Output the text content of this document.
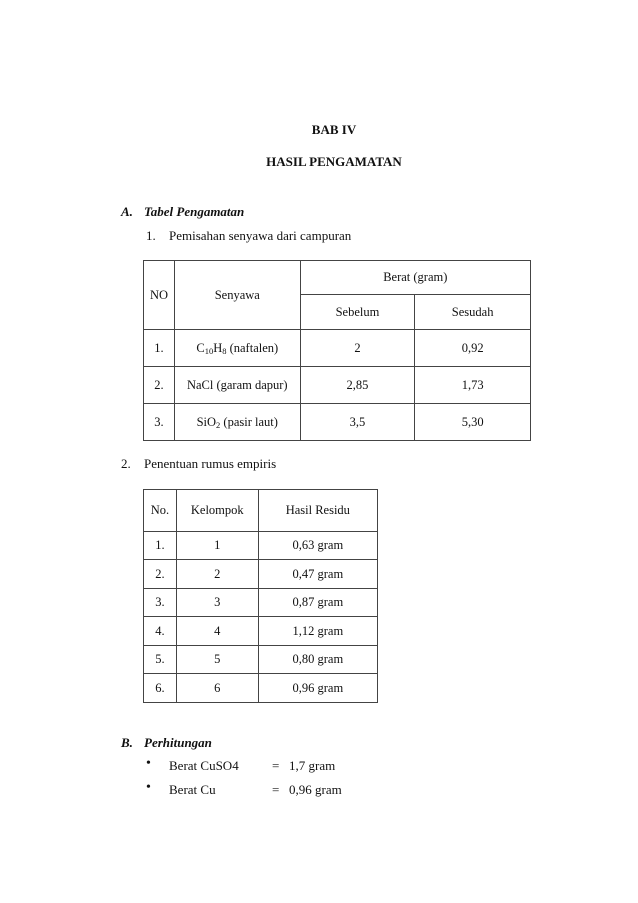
BAB IV
HASIL PENGAMATAN
A. Tabel Pengamatan
1. Pemisahan senyawa dari campuran
NO	Senyawa	Berat (gram)	
		Sebelum	Sesudah
1.	$C_{10}H_8$ (naftalen)	2	0,92
2.	NaCl (garam dapur)	2,85	1,73
3.	SiO$_2$ (pasir laut)	3,5	5,30
2. Penentuan rumus empiris
No.	Kelompok	Hasil Residu
1.	1	0,63 gram
2.	2	0,47 gram
3.	3	0,87 gram
4.	4	1,12 gram
5.	5	0,80 gram
6.	6	0,96 gram
B. Perhitungan
• Berat CuSO4	= 1,7 gram
• Berat Cu	= 0,96 gram
